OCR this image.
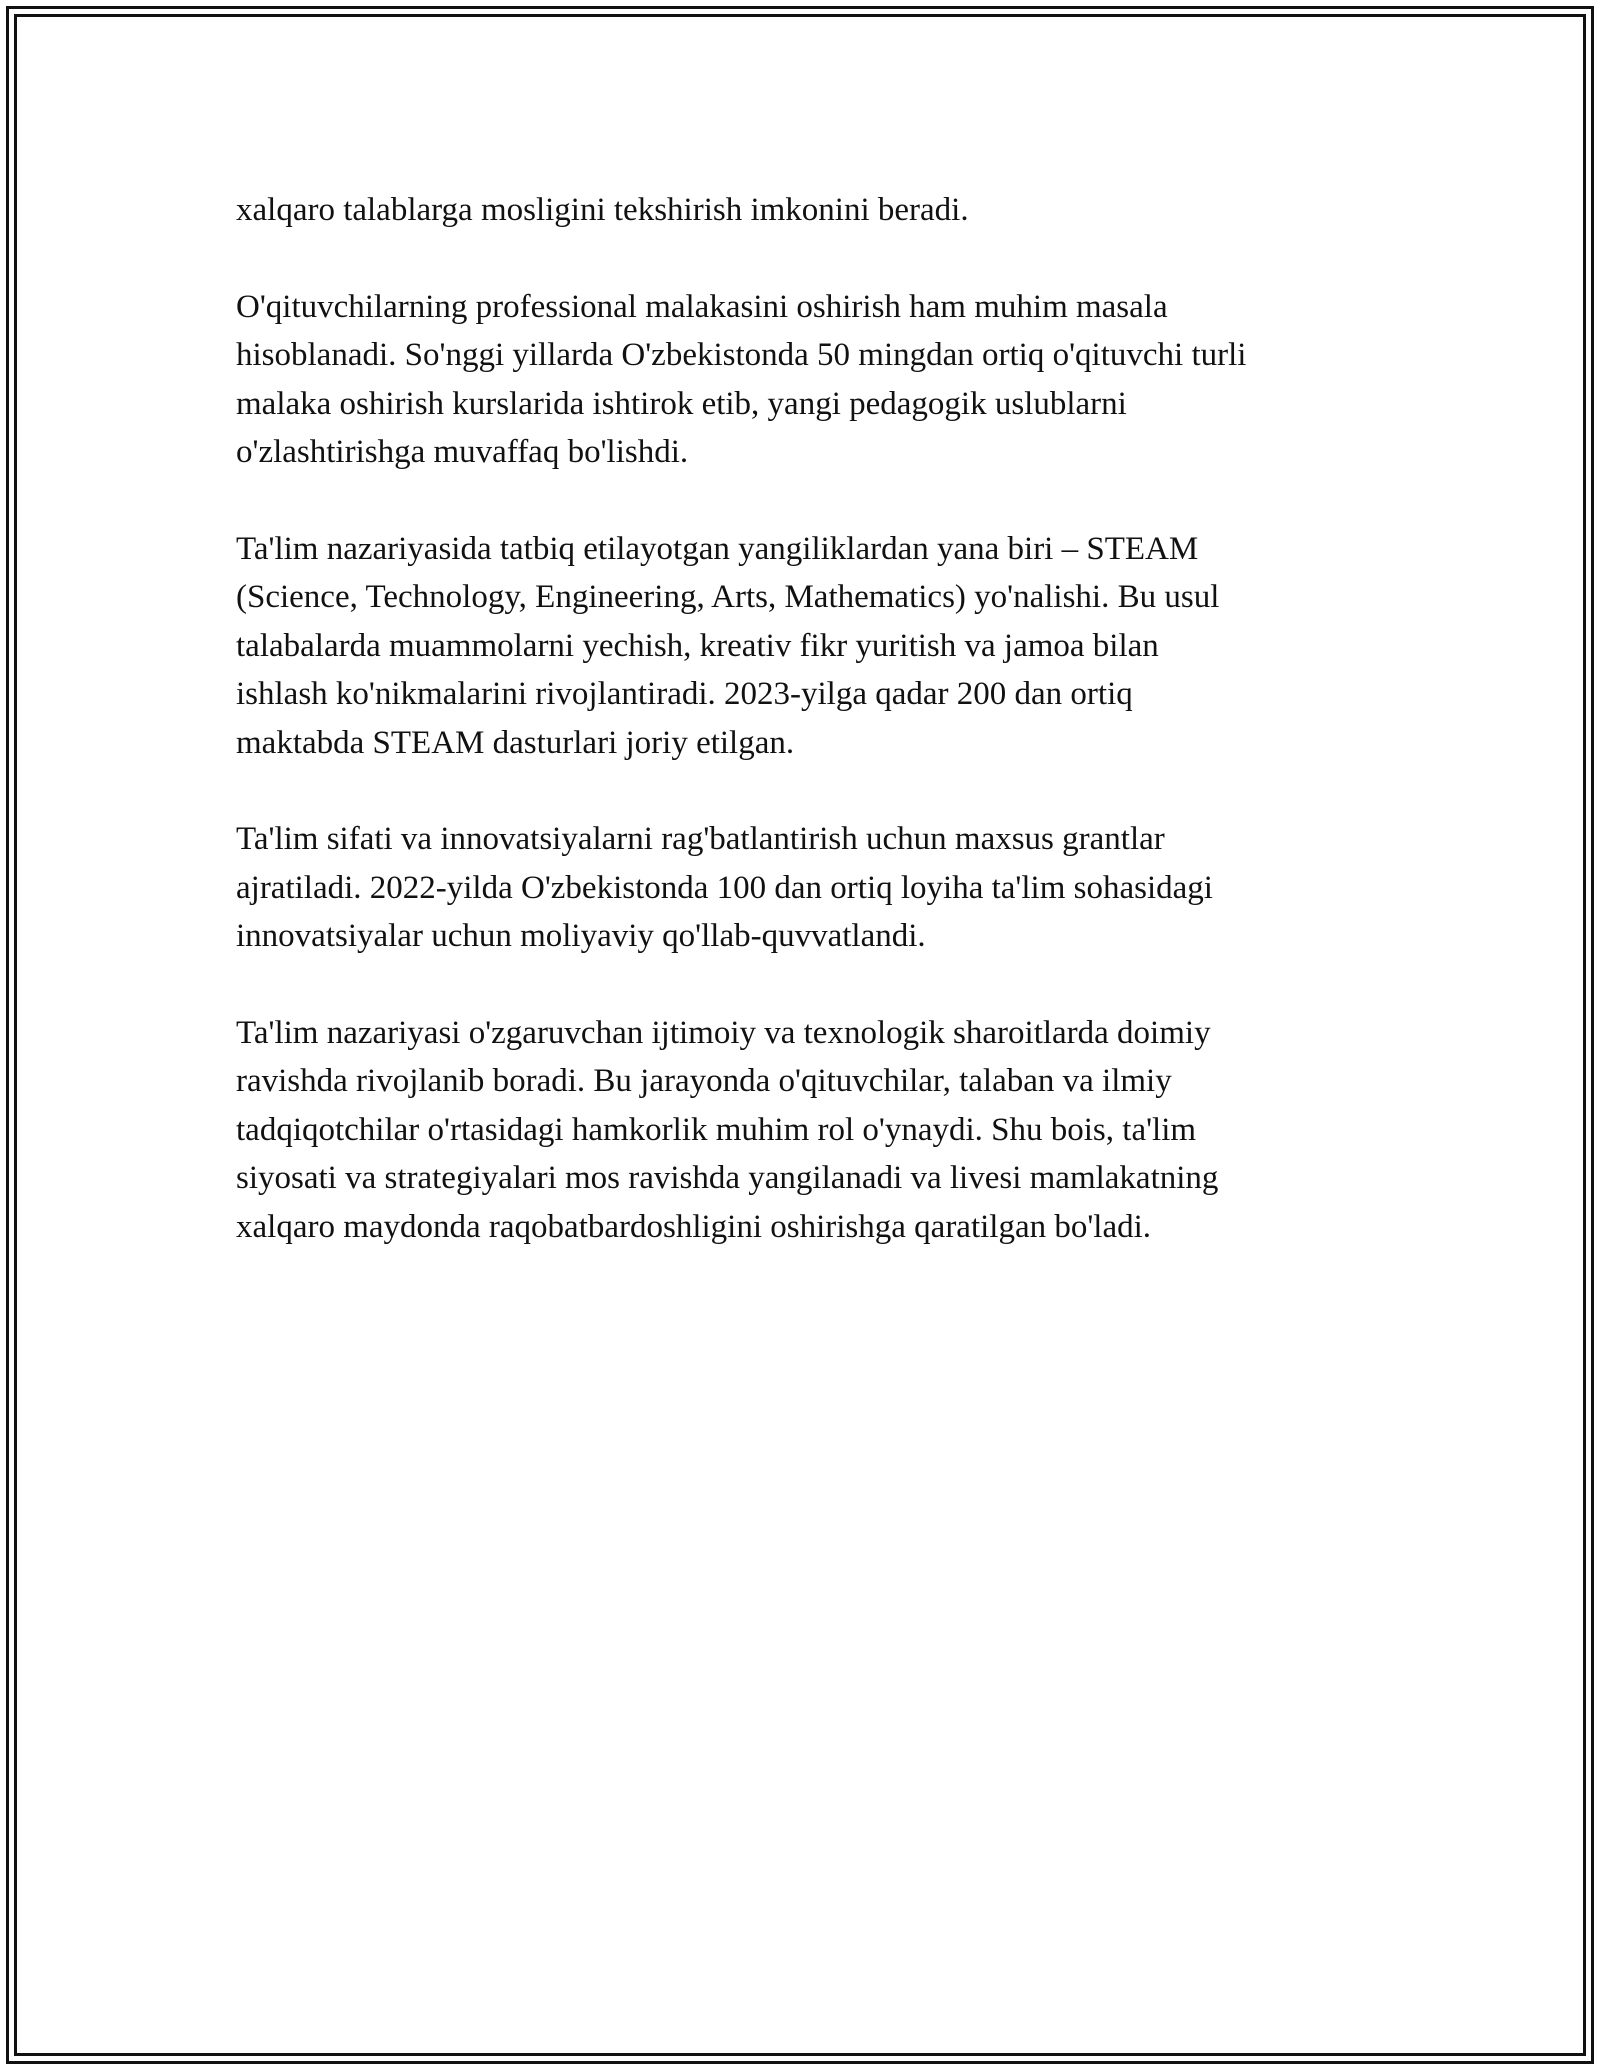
xalqaro talablarga mosligini tekshirish imkonini beradi.

O'qituvchilarning professional malakasini oshirish ham muhim masala
hisoblanadi. So'nggi yillarda O'zbekistonda 50 mingdan ortiq o'qituvchi turli
malaka oshirish kurslarida ishtirok etib, yangi pedagogik uslublarni
o'zlashtirishga muvaffaq bo'lishdi.

Ta'lim nazariyasida tatbiq etilayotgan yangiliklardan yana biri – STEAM
(Science, Technology, Engineering, Arts, Mathematics) yo'nalishi. Bu usul
talabalarda muammolarni yechish, kreativ fikr yuritish va jamoa bilan
ishlash ko'nikmalarini rivojlantiradi. 2023-yilga qadar 200 dan ortiq
maktabda STEAM dasturlari joriy etilgan.

Ta'lim sifati va innovatsiyalarni rag'batlantirish uchun maxsus grantlar
ajratiladi. 2022-yilda O'zbekistonda 100 dan ortiq loyiha ta'lim sohasidagi
innovatsiyalar uchun moliyaviy qo'llab-quvvatlandi.

Ta'lim nazariyasi o'zgaruvchan ijtimoiy va texnologik sharoitlarda doimiy
ravishda rivojlanib boradi. Bu jarayonda o'qituvchilar, talaban va ilmiy
tadqiqotchilar o'rtasidagi hamkorlik muhim rol o'ynaydi. Shu bois, ta'lim
siyosati va strategiyalari mos ravishda yangilanadi va livesi mamlakatning
xalqaro maydonda raqobatbardoshligini oshirishga qaratilgan bo'ladi.
